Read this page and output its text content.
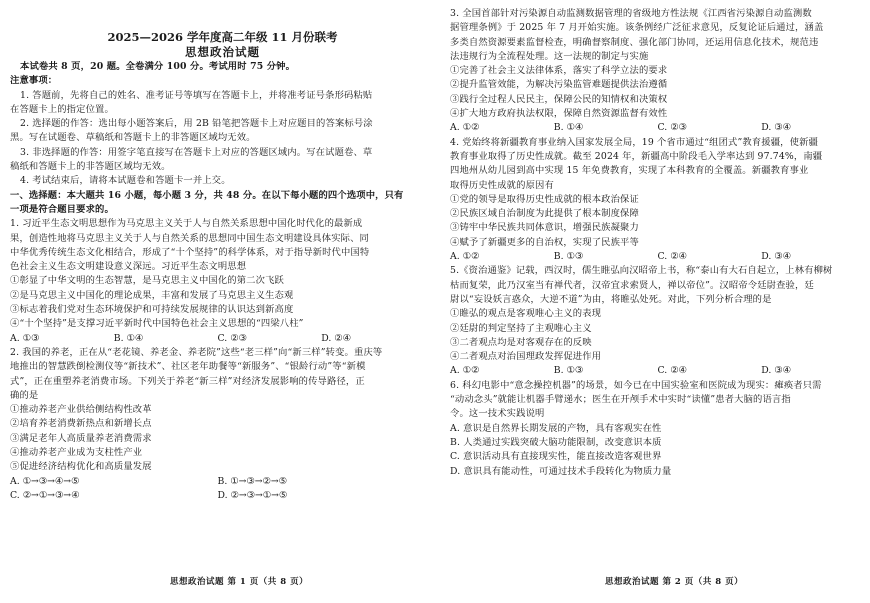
2025—2026 学年度高二年级 11 月份联考
思想政治试题
本试卷共 8 页，20 题。全卷满分 100 分。考试用时 75 分钟。
注意事项：
1. 答题前，先将自己的姓名、准考证号等填写在答题卡上，并将准考证号条形码粘贴
在答题卡上的指定位置。
2. 选择题的作答：选出每小题答案后，用 2B 铅笔把答题卡上对应题目的答案标号涂
黑。写在试题卷、草稿纸和答题卡上的非答题区域均无效。
3. 非选择题的作答：用签字笔直接写在答题卡上对应的答题区域内。写在试题卷、草
稿纸和答题卡上的非答题区域均无效。
4. 考试结束后，请将本试题卷和答题卡一并上交。
一、选择题：本大题共 16 小题，每小题 3 分，共 48 分。在以下每小题的四个选项中，只有
一项是符合题目要求的。
1. 习近平生态文明思想作为马克思主义关于人与自然关系思想中国化时代化的最新成
果，创造性地将马克思主义关于人与自然关系的思想同中国生态文明建设具体实际、同
中华优秀传统生态文化相结合，形成了“十个坚持”的科学体系，对于指导新时代中国特
色社会主义生态文明建设意义深远。习近平生态文明思想
①彰显了中华文明的生态智慧，是马克思主义中国化的第二次飞跃
②是马克思主义中国化的理论成果，丰富和发展了马克思主义生态观
③标志着我们党对生态环境保护和可持续发展规律的认识达到新高度
④“十个坚持”是支撑习近平新时代中国特色社会主义思想的“四梁八柱”
A. ①③	B. ①④	C. ②③	D. ②④
2. 我国的养老，正在从“老花镜、养老金、养老院”这些“老三样”向“新三样”转变。重庆等
地推出的智慧跌倒检测仪等“新技术”、社区老年助餐等“新服务”、“银龄行动”等“新模
式”，正在重塑养老消费市场。下列关于养老“新三样”对经济发展影响的传导路径，正
确的是
①推动养老产业供给侧结构性改革
②培育养老消费新热点和新增长点
③满足老年人高质量养老消费需求
④推动养老产业成为支柱性产业
⑤促进经济结构优化和高质量发展
A. ①→③→④→⑤	B. ①→③→②→⑤
C. ②→①→③→④	D. ②→③→①→⑤
思想政治试题 第 1 页（共 8 页）
3. 全国首部针对污染源自动监测数据管理的省级地方性法规《江西省污染源自动监测数
据管理条例》于 2025 年 7 月开始实施。该条例经广泛征求意见，反复论证后通过，涵盖
多类自然资源要素监督检查，明确督察制度、强化部门协同，还运用信息化技术，规范违
法违规行为全流程处理。这一法规的制定与实施
①完善了社会主义法律体系，落实了科学立法的要求
②提升监管效能，为解决污染监管难题提供法治遵循
③践行全过程人民民主，保障公民的知情权和决策权
④扩大地方政府执法权限，保障自然资源监督有效性
A. ①②	B. ①④	C. ②③	D. ③④
4. 党始终将新疆教育事业纳入国家发展全局，19 个省市通过“组团式”教育援疆，使新疆
教育事业取得了历史性成就。截至 2024 年，新疆高中阶段毛入学率达到 97.74%，南疆
四地州从幼儿园到高中实现 15 年免费教育，实现了本科教育的全覆盖。新疆教育事业
取得历史性成就的原因有
①党的领导是取得历史性成就的根本政治保证
②民族区域自治制度为此提供了根本制度保障
③铸牢中华民族共同体意识，增强民族凝聚力
④赋予了新疆更多的自治权，实现了民族平等
A. ①②	B. ①③	C. ②④	D. ③④
5.《资治通鉴》记载，西汉时，儒生睢弘向汉昭帝上书，称“泰山有大石自起立，上林有柳树
枯而复荣，此乃汉室当有禅代者，汉帝宜求索贤人，禅以帝位”。汉昭帝令廷尉查验，廷
尉以“妄设妖言惑众，大逆不道”为由，将睢弘处死。对此，下列分析合理的是
①睢弘的观点是客观唯心主义的表现
②廷尉的判定坚持了主观唯心主义
③二者观点均是对客观存在的反映
④二者观点对治国理政发挥促进作用
A. ①②	B. ①③	C. ②④	D. ③④
6. 科幻电影中“意念操控机器”的场景，如今已在中国实验室和医院成为现实：瘫痪者只需
“动动念头”就能让机器手臂递水；医生在开颅手术中实时“读懂”患者大脑的语言指
令。这一技术实践说明
A. 意识是自然界长期发展的产物，具有客观实在性
B. 人类通过实践突破大脑功能限制，改变意识本质
C. 意识活动具有直接现实性，能直接改造客观世界
D. 意识具有能动性，可通过技术手段转化为物质力量
思想政治试题 第 2 页（共 8 页）
